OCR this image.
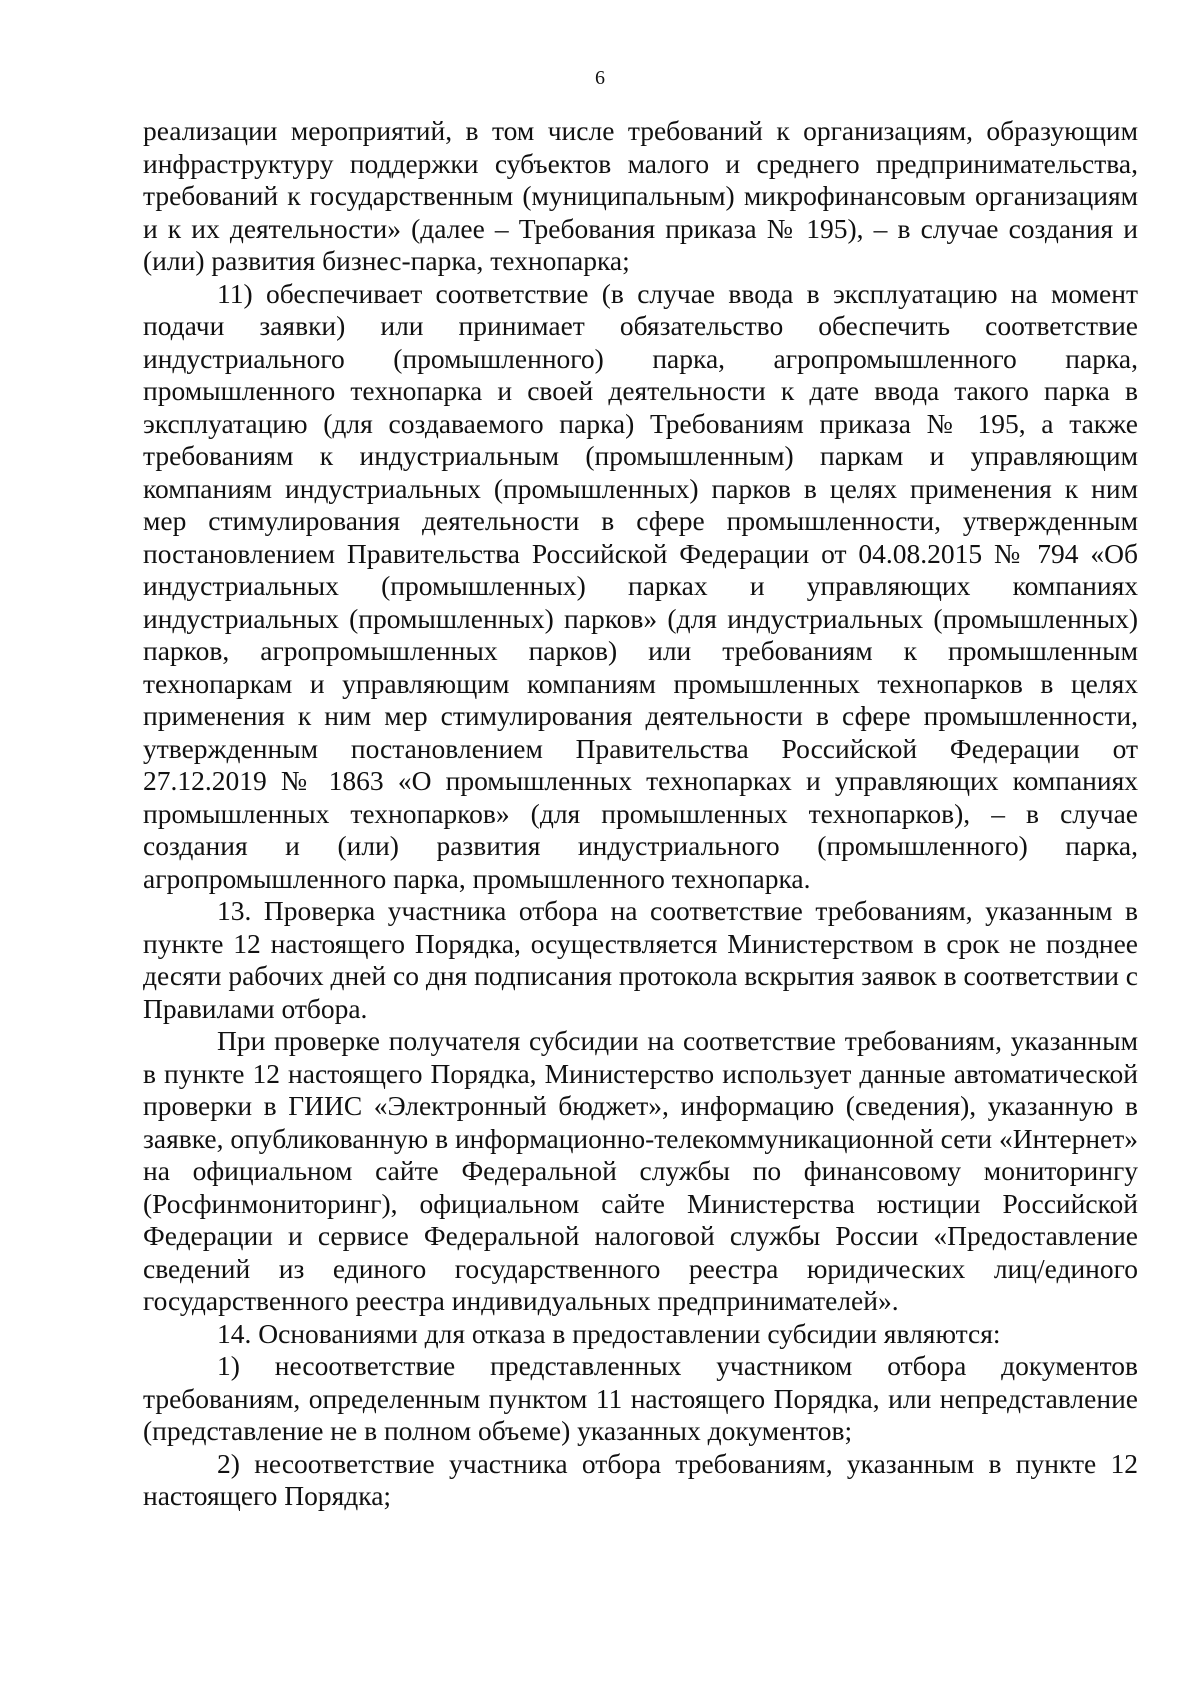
6

реализации мероприятий, в том числе требований к организациям, образующим инфраструктуру поддержки субъектов малого и среднего предпринимательства, требований к государственным (муниципальным) микрофинансовым организациям и к их деятельности» (далее – Требования приказа № 195), – в случае создания и (или) развития бизнес-парка, технопарка;

11) обеспечивает соответствие (в случае ввода в эксплуатацию на момент подачи заявки) или принимает обязательство обеспечить соответствие индустриального (промышленного) парка, агропромышленного парка, промышленного технопарка и своей деятельности к дате ввода такого парка в эксплуатацию (для создаваемого парка) Требованиям приказа № 195, а также требованиям к индустриальным (промышленным) паркам и управляющим компаниям индустриальных (промышленных) парков в целях применения к ним мер стимулирования деятельности в сфере промышленности, утвержденным постановлением Правительства Российской Федерации от 04.08.2015 № 794 «Об индустриальных (промышленных) парках и управляющих компаниях индустриальных (промышленных) парков» (для индустриальных (промышленных) парков, агропромышленных парков) или требованиям к промышленным технопаркам и управляющим компаниям промышленных технопарков в целях применения к ним мер стимулирования деятельности в сфере промышленности, утвержденным постановлением Правительства Российской Федерации от 27.12.2019 № 1863 «О промышленных технопарках и управляющих компаниях промышленных технопарков» (для промышленных технопарков), – в случае создания и (или) развития индустриального (промышленного) парка, агропромышленного парка, промышленного технопарка.

13. Проверка участника отбора на соответствие требованиям, указанным в пункте 12 настоящего Порядка, осуществляется Министерством в срок не позднее десяти рабочих дней со дня подписания протокола вскрытия заявок в соответствии с Правилами отбора.

При проверке получателя субсидии на соответствие требованиям, указанным в пункте 12 настоящего Порядка, Министерство использует данные автоматической проверки в ГИИС «Электронный бюджет», информацию (сведения), указанную в заявке, опубликованную в информационно-телекоммуникационной сети «Интернет» на официальном сайте Федеральной службы по финансовому мониторингу (Росфинмониторинг), официальном сайте Министерства юстиции Российской Федерации и сервисе Федеральной налоговой службы России «Предоставление сведений из единого государственного реестра юридических лиц/единого государственного реестра индивидуальных предпринимателей».

14. Основаниями для отказа в предоставлении субсидии являются:

1) несоответствие представленных участником отбора документов требованиям, определенным пунктом 11 настоящего Порядка, или непредставление (представление не в полном объеме) указанных документов;

2) несоответствие участника отбора требованиям, указанным в пункте 12 настоящего Порядка;
